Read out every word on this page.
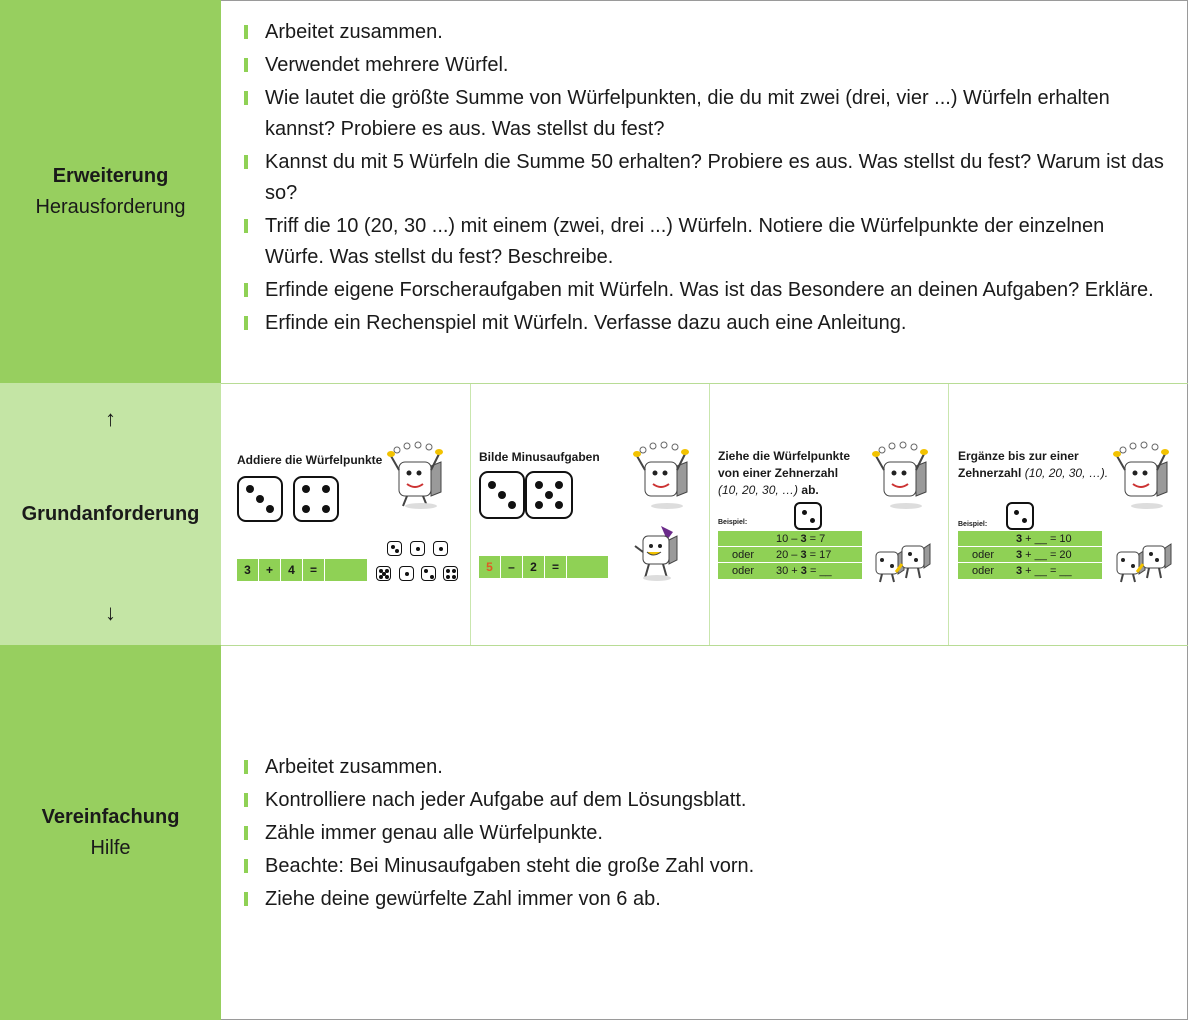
Erweiterung
Herausforderung
Grundanforderung
↑
↓
Vereinfachung
Hilfe
Arbeitet zusammen.
Verwendet mehrere Würfel.
Wie lautet die größte Summe von Würfelpunkten, die du mit zwei (drei, vier ...) Würfeln erhalten kannst? Probiere es aus. Was stellst du fest?
Kannst du mit 5 Würfeln die Summe 50 erhalten? Probiere es aus. Was stellst du fest? Warum ist das so?
Triff die 10 (20, 30 ...) mit einem (zwei, drei ...) Würfeln. Notiere die Würfelpunkte der einzelnen Würfe. Was stellst du fest? Beschreibe.
Erfinde eigene Forscheraufgaben mit Würfeln. Was ist das Besondere an deinen Aufgaben? Erkläre.
Erfinde ein Rechenspiel mit Würfeln. Verfasse dazu auch eine Anleitung.
Addiere die Würfelpunkte
3	+	4	=
Bilde Minusaufgaben
5	–	2	=
Ziehe die Würfelpunkte
von einer Zehnerzahl
(10, 20, 30, …) ab.
Beispiel:
10 – 3 = 7
oder 20 – 3 = 17
oder 30 + 3 = __
Ergänze bis zur einer
Zehnerzahl (10, 20, 30, …).
Beispiel:
3 + __ = 10
oder 3 + __ = 20
oder 3 + __ = __
Arbeitet zusammen.
Kontrolliere nach jeder Aufgabe auf dem Lösungsblatt.
Zähle immer genau alle Würfelpunkte.
Beachte: Bei Minusaufgaben steht die große Zahl vorn.
Ziehe deine gewürfelte Zahl immer von 6 ab.
